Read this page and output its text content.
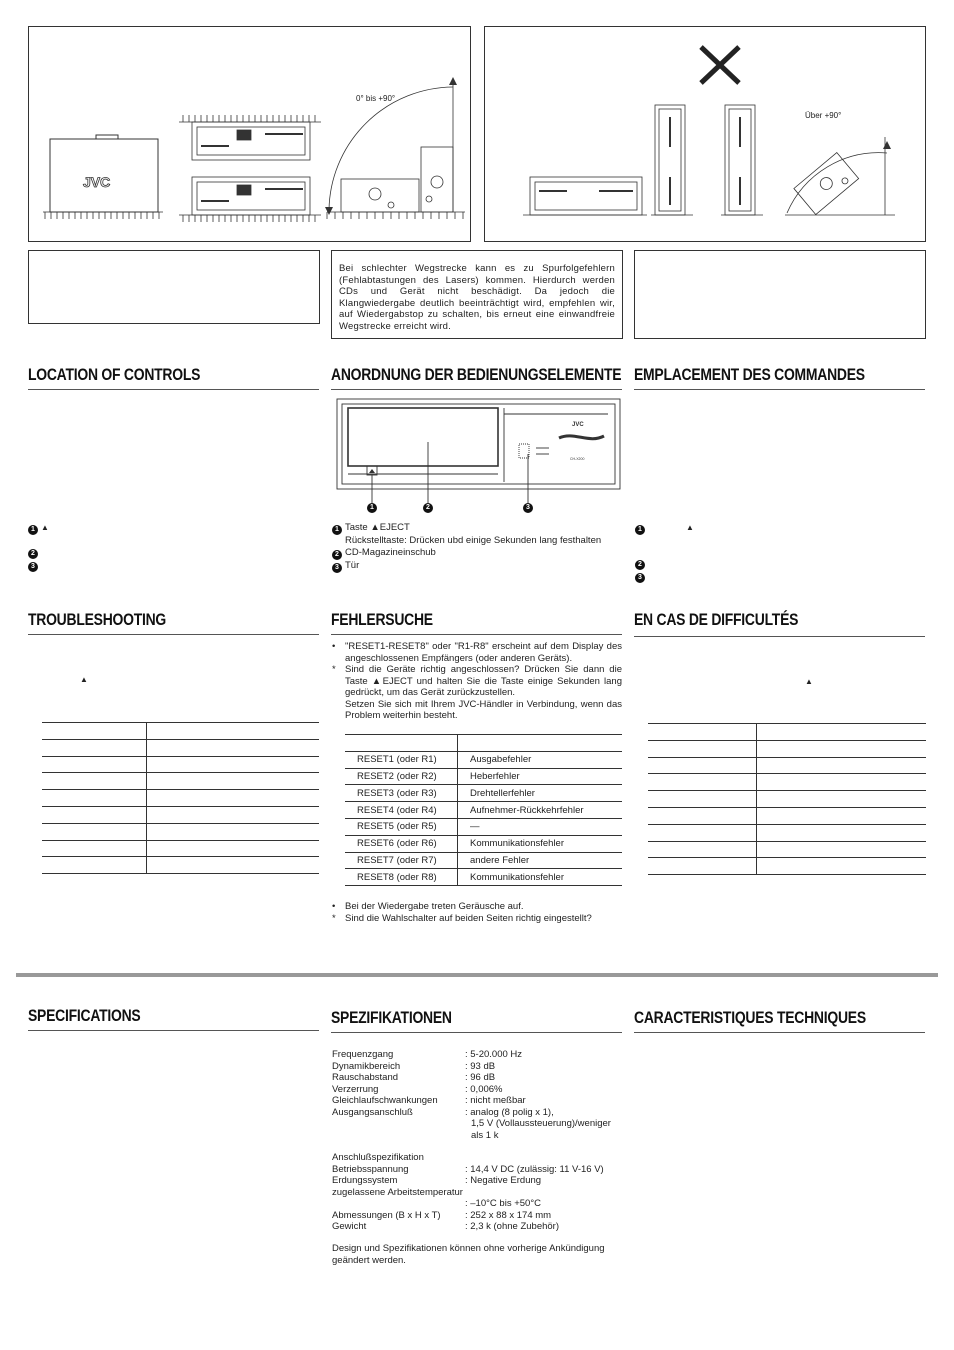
JVC
0° bis +90°
Über +90°
Bei schlechter Wegstrecke kann es zu Spurfolgefehlern (Fehlabtastungen des Lasers) kommen. Hierdurch werden CDs und Gerät nicht beschädigt. Da jedoch die Klangwiedergabe deutlich beeinträchtigt wird, empfehlen wir, auf Wiedergabstop zu schalten, bis erneut eine einwandfreie Wegstrecke erreicht wird.
LOCATION OF CONTROLS	ANORDNUNG DER BEDIENUNGSELEMENTE EMPLACEMENT DES COMMANDES
JVC
CH-X200
1	2	3
1 ▲
2
3
1 Taste ▲EJECT
Rückstelltaste: Drücken ubd einige Sekunden lang festhalten
2 CD-Magazineinschub
3 Tür
1	▲
2
3
TROUBLESHOOTING	FEHLERSUCHE	EN CAS DE DIFFICULTÉS
▲

• "RESET1-RESET8" oder "R1-R8" erscheint auf dem Display des angeschlossenen Empfängers (oder anderen Geräts).
* Sind die Geräte richtig angeschlossen? Drücken Sie dann die Taste ▲EJECT und halten Sie die Taste einige Sekunden lang gedrückt, um das Gerät zurückzustellen.
Setzen Sie sich mit Ihrem JVC-Händler in Verbindung, wenn das Problem weiterhin besteht.

RESET1 (oder R1)	Ausgabefehler
RESET2 (oder R2)	Heberfehler
RESET3 (oder R3)	Drehtellerfehler
RESET4 (oder R4)	Aufnehmer-Rückkehrfehler
RESET5 (oder R5)	—
RESET6 (oder R6)	Kommunikationsfehler
RESET7 (oder R7)	andere Fehler
RESET8 (oder R8)	Kommunikationsfehler
• Bei der Wiedergabe treten Geräusche auf.
* Sind die Wahlschalter auf beiden Seiten richtig eingestellt?
▲

SPECIFICATIONS	SPEZIFIKATIONEN	CARACTERISTIQUES TECHNIQUES
Frequenzgang	: 5-20.000 Hz
Dynamikbereich	: 93 dB
Rauschabstand	: 96 dB
Verzerrung	: 0,006%
Gleichlaufschwankungen	: nicht meßbar
Ausgangsanschluß	: analog (8 polig x 1),
1,5 V (Vollaussteuerung)/weniger
als 1 k
Anschlußspezifikation
Betriebsspannung	: 14,4 V DC (zulässig: 11 V-16 V)
Erdungssystem	: Negative Erdung
zugelassene Arbeitstemperatur
: –10°C bis +50°C
Abmessungen (B x H x T)	: 252 x 88 x 174 mm
Gewicht	: 2,3 k (ohne Zubehör)
Design und Spezifikationen können ohne vorherige Ankündigung geändert werden.
